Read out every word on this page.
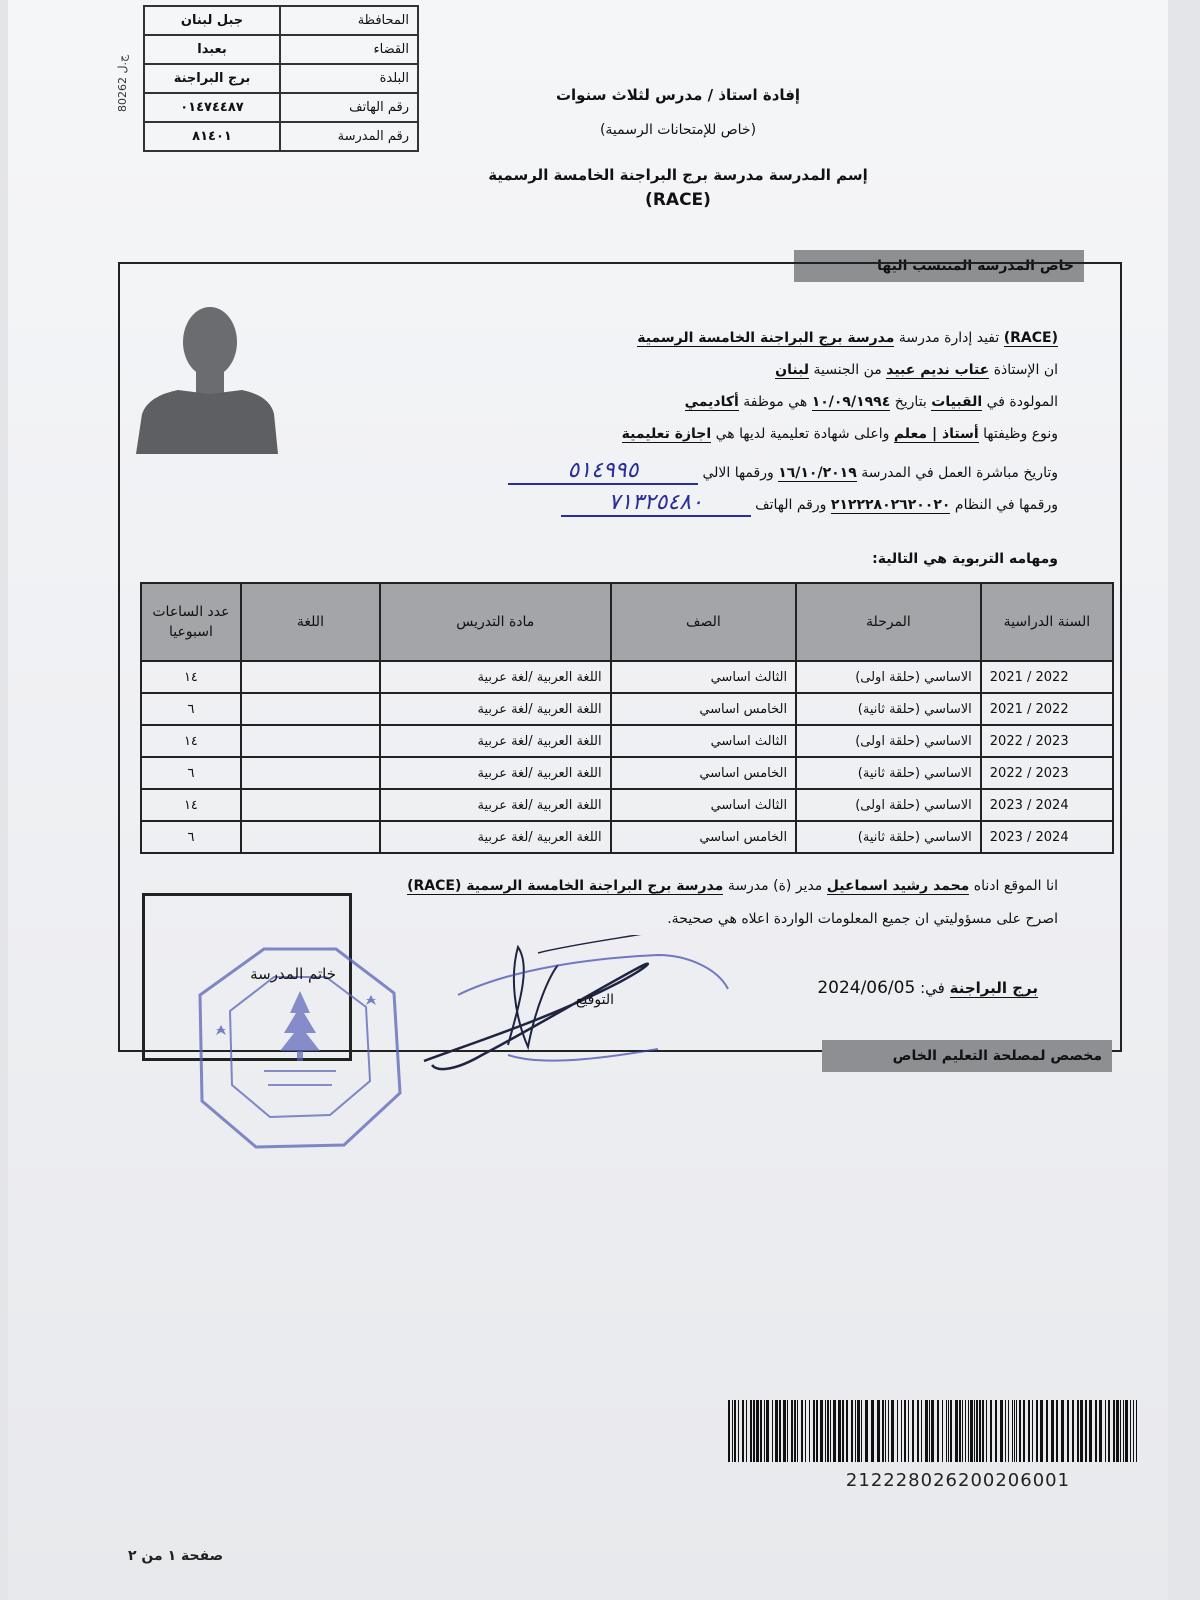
ج.ل 80262
المحافظة	جبل لبنان
القضاء	بعبدا
البلدة	برج البراجنة
رقم الهاتف	٠١٤٧٤٤٨٧
رقم المدرسة	٨١٤٠١
إفادة استاذ / مدرس لثلاث سنوات
(خاص للإمتحانات الرسمية)
إسم المدرسة مدرسة برج البراجنة الخامسة الرسمية
(RACE)
خاص المدرسة المنتسب اليها
(RACE) تفيد إدارة مدرسة مدرسة برج البراجنة الخامسة الرسمية
ان الإستاذة عتاب نديم عبيد من الجنسية لبنان
المولودة في القبيات بتاريخ ١٠/٠٩/١٩٩٤ هي موظفة أكاديمي
ونوع وظيفتها أستاذ | معلم واعلى شهادة تعليمية لديها هي اجازة تعليمية
وتاريخ مباشرة العمل في المدرسة ١٦/١٠/٢٠١٩ ورقمها الالي ٥١٤٩٩٥
ورقمها في النظام ٢١٢٢٢٨٠٢٦٢٠٠٢٠ ورقم الهاتف ٧١٣٢٥٤٨٠
ومهامه التربوية هي التالية:
السنة الدراسية	المرحلة	الصف	مادة التدريس	اللغة	عدد الساعات اسبوعيا
2021 / 2022	الاساسي (حلقة اولى)	الثالث اساسي	اللغة العربية /لغة عربية		١٤
2021 / 2022	الاساسي (حلقة ثانية)	الخامس اساسي	اللغة العربية /لغة عربية		٦
2022 / 2023	الاساسي (حلقة اولى)	الثالث اساسي	اللغة العربية /لغة عربية		١٤
2022 / 2023	الاساسي (حلقة ثانية)	الخامس اساسي	اللغة العربية /لغة عربية		٦
2023 / 2024	الاساسي (حلقة اولى)	الثالث اساسي	اللغة العربية /لغة عربية		١٤
2023 / 2024	الاساسي (حلقة ثانية)	الخامس اساسي	اللغة العربية /لغة عربية		٦
انا الموقع ادناه محمد رشيد اسماعيل مدير (ة) مدرسة مدرسة برج البراجنة الخامسة الرسمية (RACE)
اصرح على مسؤوليتي ان جميع المعلومات الواردة اعلاه هي صحيحة.
برج البراجنة في: 2024/06/05
خاتم المدرسة
التوقيع
مخصص لمصلحة التعليم الخاص
212228026200206001
صفحة ١ من ٢
